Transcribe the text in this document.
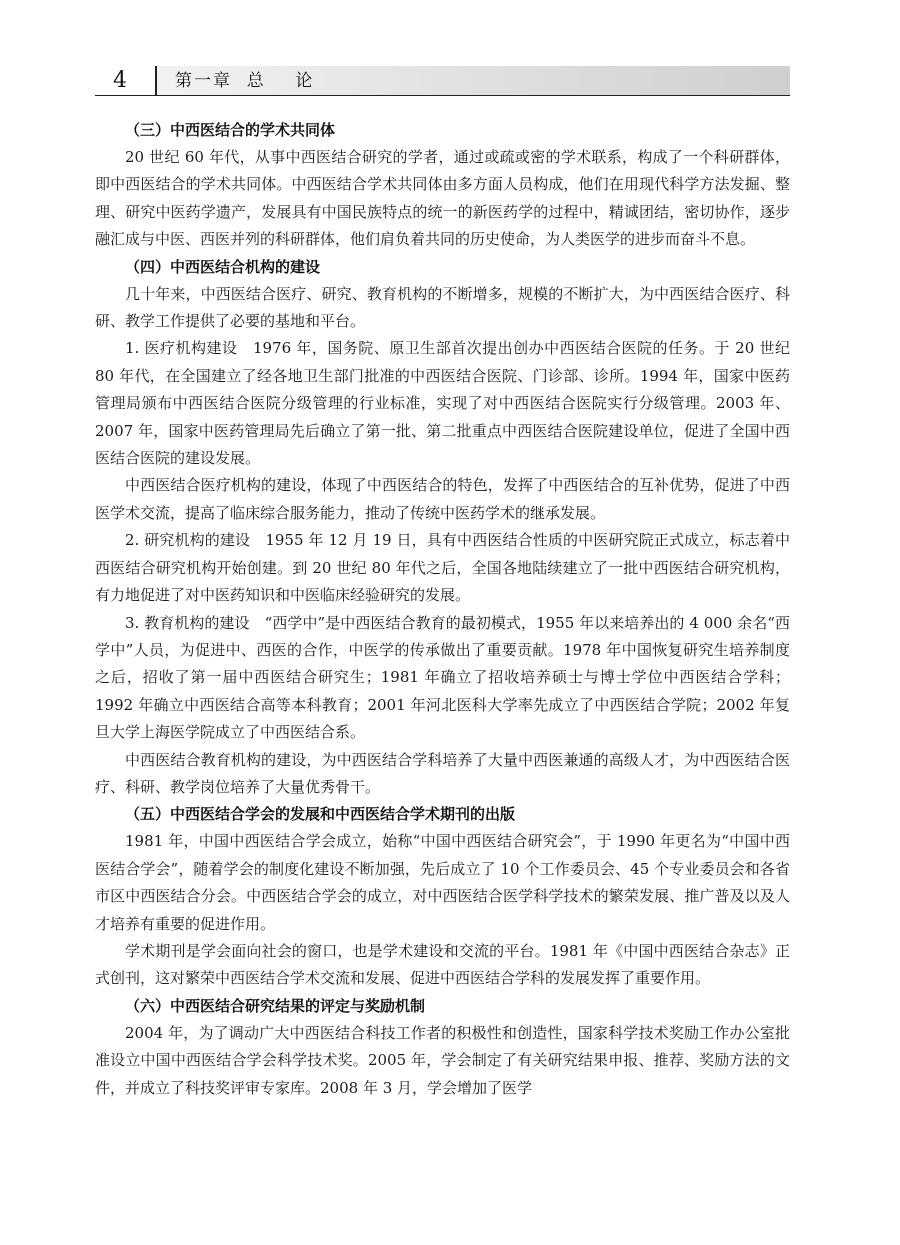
4	第一章  总    论
（三）中西医结合的学术共同体

20 世纪 60 年代，从事中西医结合研究的学者，通过或疏或密的学术联系，构成了一个科研群体，即中西医结合的学术共同体。中西医结合学术共同体由多方面人员构成，他们在用现代科学方法发掘、整理、研究中医药学遗产，发展具有中国民族特点的统一的新医药学的过程中，精诚团结，密切协作，逐步融汇成与中医、西医并列的科研群体，他们肩负着共同的历史使命，为人类医学的进步而奋斗不息。

（四）中西医结合机构的建设

几十年来，中西医结合医疗、研究、教育机构的不断增多，规模的不断扩大，为中西医结合医疗、科研、教学工作提供了必要的基地和平台。

1. 医疗机构建设　1976 年，国务院、原卫生部首次提出创办中西医结合医院的任务。于 20 世纪 80 年代，在全国建立了经各地卫生部门批准的中西医结合医院、门诊部、诊所。1994 年，国家中医药管理局颁布中西医结合医院分级管理的行业标准，实现了对中西医结合医院实行分级管理。2003 年、2007 年，国家中医药管理局先后确立了第一批、第二批重点中西医结合医院建设单位，促进了全国中西医结合医院的建设发展。

中西医结合医疗机构的建设，体现了中西医结合的特色，发挥了中西医结合的互补优势，促进了中西医学术交流，提高了临床综合服务能力，推动了传统中医药学术的继承发展。

2. 研究机构的建设　1955 年 12 月 19 日，具有中西医结合性质的中医研究院正式成立，标志着中西医结合研究机构开始创建。到 20 世纪 80 年代之后，全国各地陆续建立了一批中西医结合研究机构，有力地促进了对中医药知识和中医临床经验研究的发展。

3. 教育机构的建设　“西学中”是中西医结合教育的最初模式，1955 年以来培养出的 4 000 余名“西学中”人员，为促进中、西医的合作，中医学的传承做出了重要贡献。1978 年中国恢复研究生培养制度之后，招收了第一届中西医结合研究生；1981 年确立了招收培养硕士与博士学位中西医结合学科；1992 年确立中西医结合高等本科教育；2001 年河北医科大学率先成立了中西医结合学院；2002 年复旦大学上海医学院成立了中西医结合系。

中西医结合教育机构的建设，为中西医结合学科培养了大量中西医兼通的高级人才，为中西医结合医疗、科研、教学岗位培养了大量优秀骨干。

（五）中西医结合学会的发展和中西医结合学术期刊的出版

1981 年，中国中西医结合学会成立，始称“中国中西医结合研究会”，于 1990 年更名为“中国中西医结合学会”，随着学会的制度化建设不断加强，先后成立了 10 个工作委员会、45 个专业委员会和各省市区中西医结合分会。中西医结合学会的成立，对中西医结合医学科学技术的繁荣发展、推广普及以及人才培养有重要的促进作用。

学术期刊是学会面向社会的窗口，也是学术建设和交流的平台。1981 年《中国中西医结合杂志》正式创刊，这对繁荣中西医结合学术交流和发展、促进中西医结合学科的发展发挥了重要作用。

（六）中西医结合研究结果的评定与奖励机制

2004 年，为了调动广大中西医结合科技工作者的积极性和创造性，国家科学技术奖励工作办公室批准设立中国中西医结合学会科学技术奖。2005 年，学会制定了有关研究结果申报、推荐、奖励方法的文件，并成立了科技奖评审专家库。2008 年 3 月，学会增加了医学
